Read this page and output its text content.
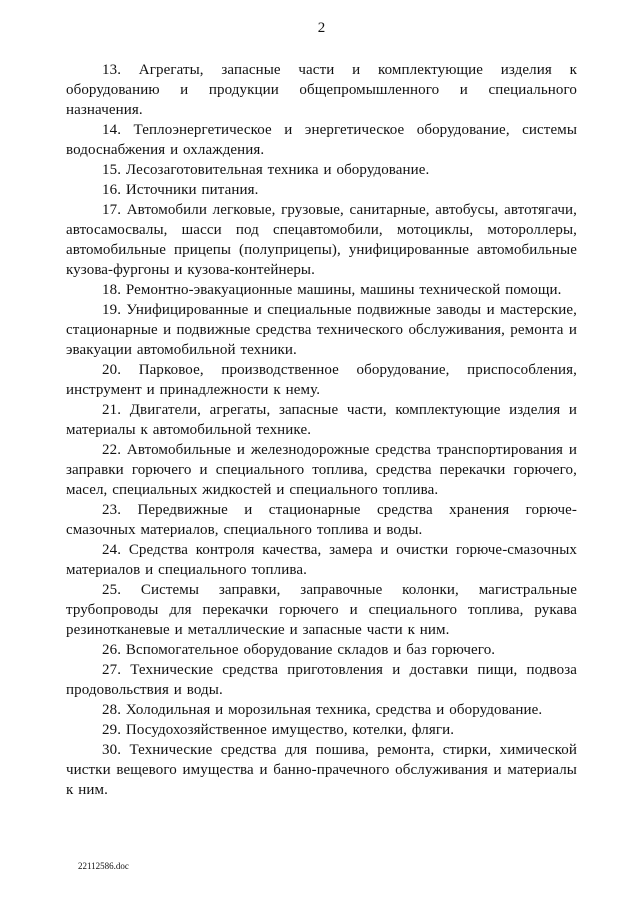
2

13. Агрегаты, запасные части и комплектующие изделия к оборудованию и продукции общепромышленного и специального назначения.

14. Теплоэнергетическое и энергетическое оборудование, системы водоснабжения и охлаждения.

15. Лесозаготовительная техника и оборудование.

16. Источники питания.

17. Автомобили легковые, грузовые, санитарные, автобусы, автотягачи, автосамосвалы, шасси под спецавтомобили, мотоциклы, мотороллеры, автомобильные прицепы (полуприцепы), унифицированные автомобильные кузова-фургоны и кузова-контейнеры.

18. Ремонтно-эвакуационные машины, машины технической помощи.

19. Унифицированные и специальные подвижные заводы и мастерские, стационарные и подвижные средства технического обслуживания, ремонта и эвакуации автомобильной техники.

20. Парковое, производственное оборудование, приспособления, инструмент и принадлежности к нему.

21. Двигатели, агрегаты, запасные части, комплектующие изделия и материалы к автомобильной технике.

22. Автомобильные и железнодорожные средства транспортирования и заправки горючего и специального топлива, средства перекачки горючего, масел, специальных жидкостей и специального топлива.

23. Передвижные и стационарные средства хранения горюче-смазочных материалов, специального топлива и воды.

24. Средства контроля качества, замера и очистки горюче-смазочных материалов и специального топлива.

25. Системы заправки, заправочные колонки, магистральные трубопроводы для перекачки горючего и специального топлива, рукава резинотканевые и металлические и запасные части к ним.

26. Вспомогательное оборудование складов и баз горючего.

27. Технические средства приготовления и доставки пищи, подвоза продовольствия и воды.

28. Холодильная и морозильная техника, средства и оборудование.

29. Посудохозяйственное имущество, котелки, фляги.

30. Технические средства для пошива, ремонта, стирки, химической чистки вещевого имущества и банно-прачечного обслуживания и материалы к ним.

22112586.doc
